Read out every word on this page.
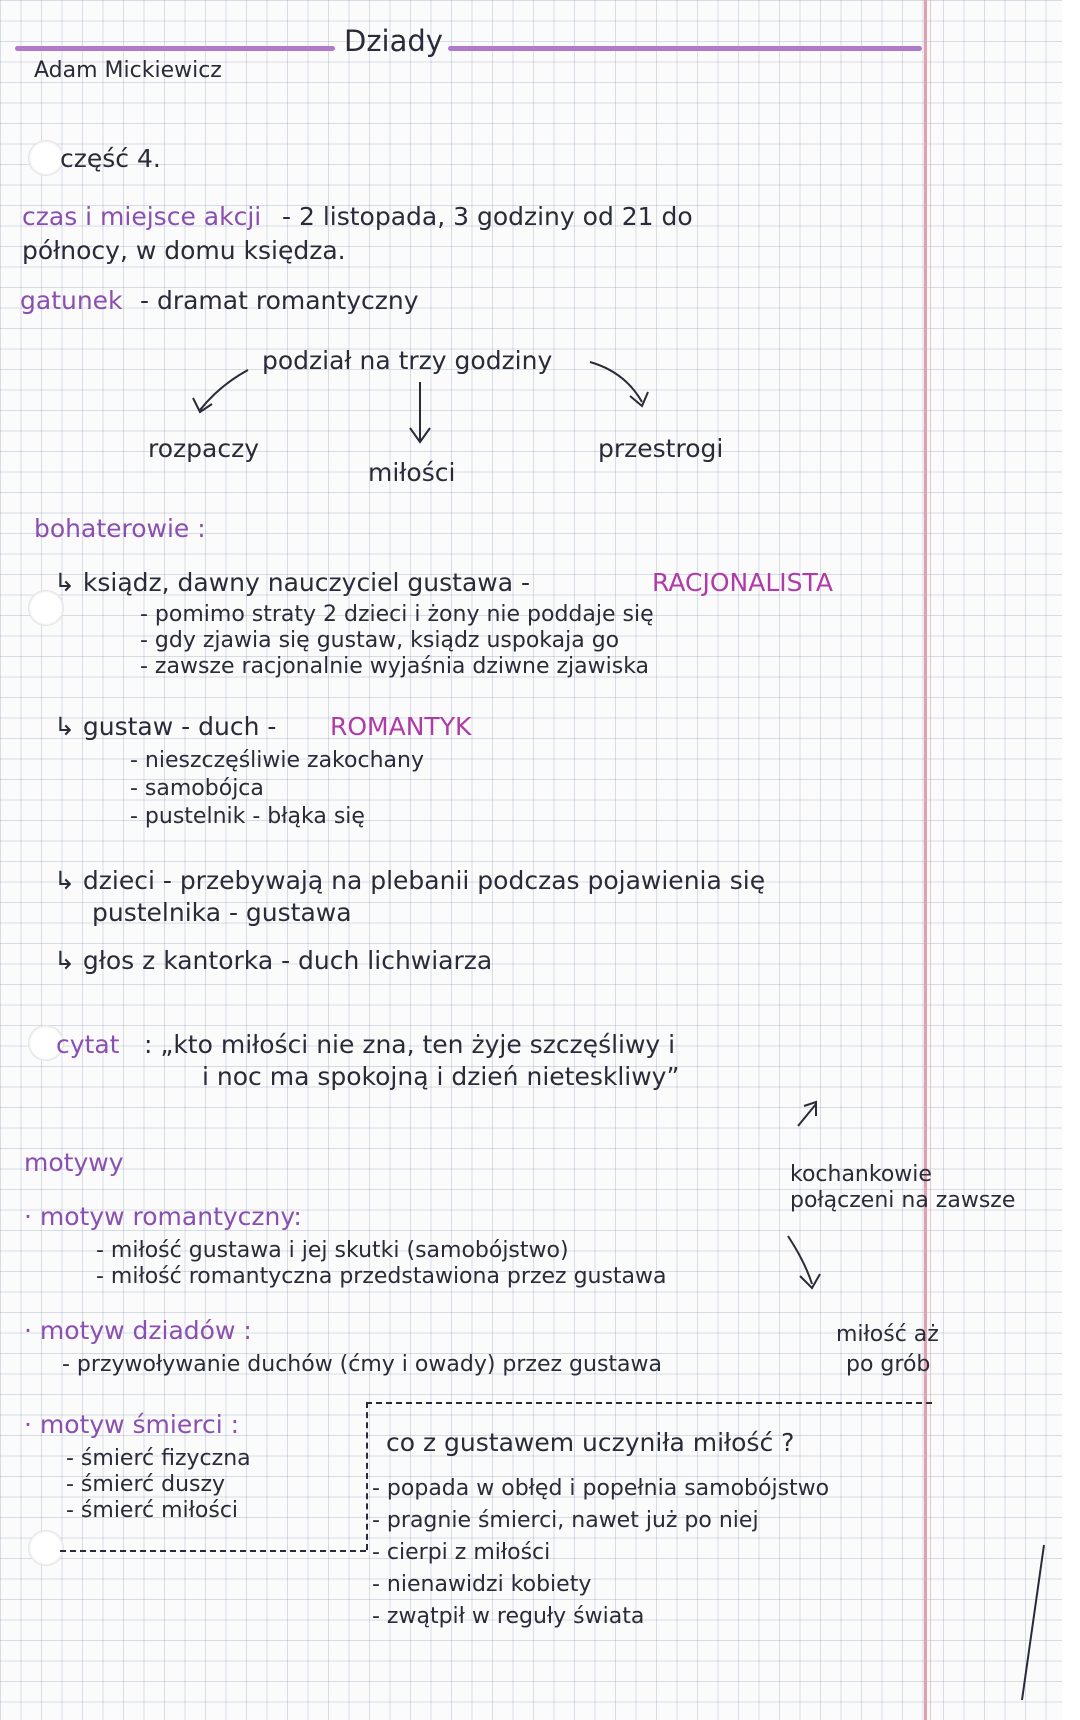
Adam Mickiewicz
Dziady
część 4.
czas i miejsce akcji - 2 listopada, 3 godziny od 21 do
północy, w domu księdza.
gatunek - dramat romantyczny
podział na trzy godziny
rozpaczy
miłości
przestrogi
bohaterowie :
↳ ksiądz, dawny nauczyciel gustawa -	RACJONALISTA
- pomimo straty 2 dzieci i żony nie poddaje się
- gdy zjawia się gustaw, ksiądz uspokaja go
- zawsze racjonalnie wyjaśnia dziwne zjawiska
↳ gustaw - duch - ROMANTYK
- nieszczęśliwie zakochany
- samobójca
- pustelnik - błąka się
↳ dzieci - przebywają na plebanii podczas pojawienia się
pustelnika - gustawa
↳ głos z kantorka - duch lichwiarza
cytat : „kto miłości nie zna, ten żyje szczęśliwy i
i noc ma spokojną i dzień nieteskliwy”
motywy	kochankowie
połączeni na zawsze
· motyw romantyczny:
- miłość gustawa i jej skutki (samobójstwo)
- miłość romantyczna przedstawiona przez gustawa
· motyw dziadów :
- przywoływanie duchów (ćmy i owady) przez gustawa
miłość aż
po grób
· motyw śmierci :
- śmierć fizyczna
- śmierć duszy
- śmierć miłości
co z gustawem uczyniła miłość ?
- popada w obłęd i popełnia samobójstwo
- pragnie śmierci, nawet już po niej
- cierpi z miłości
- nienawidzi kobiety
- zwątpił w reguły świata
